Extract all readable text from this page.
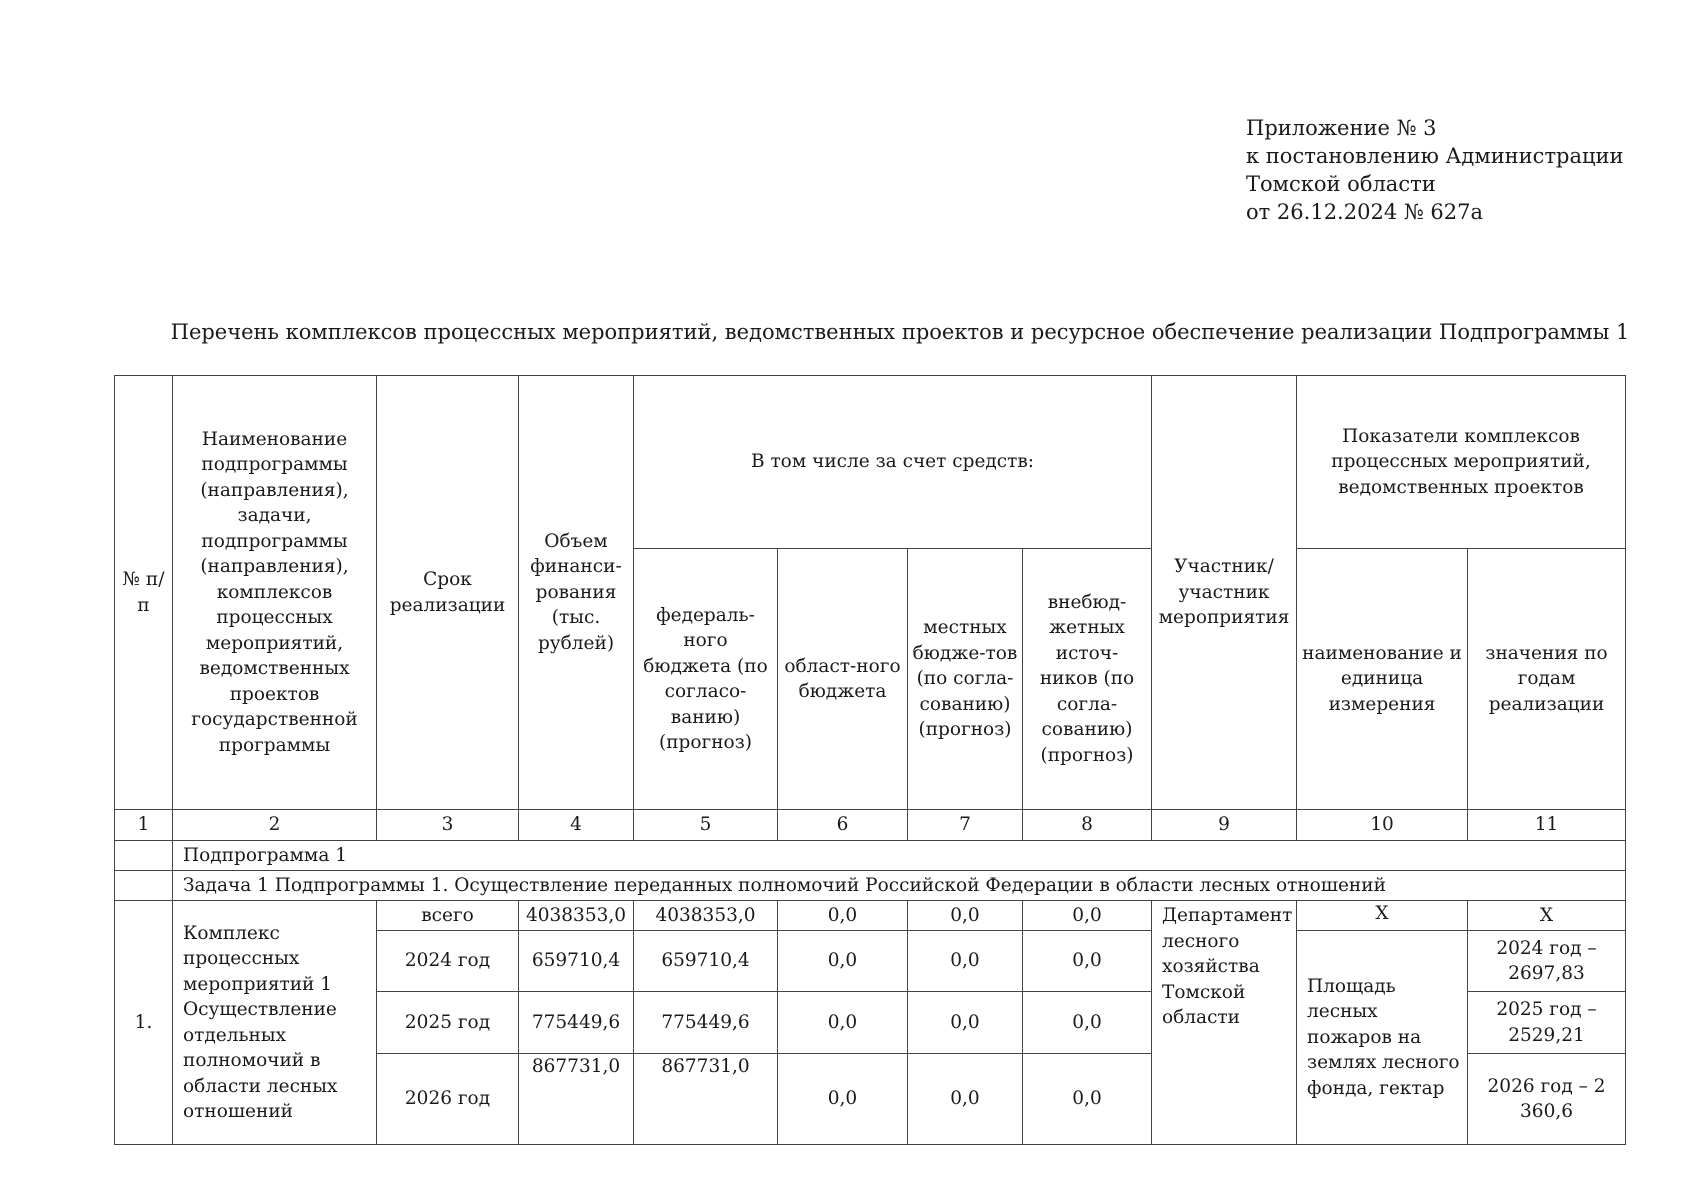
Приложение № 3
к постановлению Администрации
Томской области
от 26.12.2024 № 627а
Перечень комплексов процессных мероприятий, ведомственных проектов и ресурсное обеспечение реализации Подпрограммы 1
№ п/п	Наименование подпрограммы (направления), задачи, подпрограммы (направления), комплексов процессных мероприятий, ведомственных проектов государственной программы	Срок реализации	Объем финанси-рования (тыс. рублей)	В том числе за счет средств:				Участник/ участник мероприятия	Показатели комплексов процессных мероприятий, ведомственных проектов	
				федераль-ного бюджета (по согласо-ванию) (прогноз)	област-ного бюджета	местных бюдже-тов (по согла-сованию) (прогноз)	внебюд-жетных источ-ников (по согла-сованию) (прогноз)		наименование и единица измерения	значения по годам реализации
1	2	3	4	5	6	7	8	9	10	11
	Подпрограмма 1									
	Задача 1 Подпрограммы 1. Осуществление переданных полномочий Российской Федерации в области лесных отношений									
1.	Комплекс процессных мероприятий 1 Осуществление отдельных полномочий в области лесных отношений	всего	4038353,0	4038353,0	0,0	0,0	0,0	Департамент лесного хозяйства Томской области	Х	Х
		2024 год	659710,4	659710,4	0,0	0,0	0,0		Площадь лесных пожаров на землях лесного фонда, гектар	2024 год – 2697,83
		2025 год	775449,6	775449,6	0,0	0,0	0,0			2025 год – 2529,21
		2026 год	867731,0	867731,0	0,0	0,0	0,0			2026 год – 2 360,6
